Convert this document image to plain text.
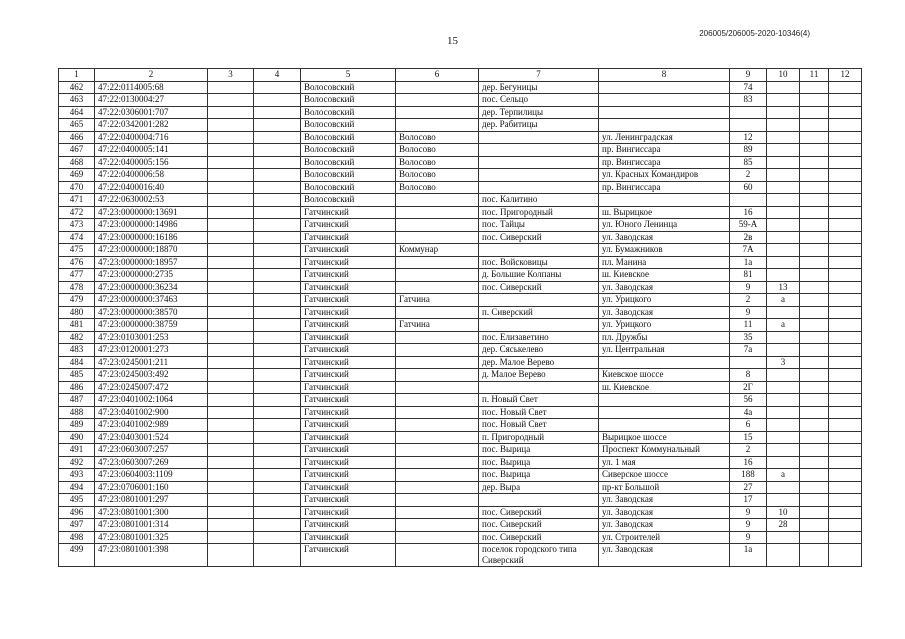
206005/206005-2020-10346(4)
15
1	2	3	4	5	6	7	8	9	10	11	12
462	47:22:0114005:68			Волосовский		дер. Бегуницы		74			
463	47:22:0130004:27			Волосовский		пос. Сельцо		83			
464	47:22:0306001:707			Волосовский		дер. Терпилицы					
465	47:22:0342001:282			Волосовский		дер. Рабитицы					
466	47:22:0400004:716			Волосовский	Волосово		ул. Ленинградская	12			
467	47:22:0400005:141			Волосовский	Волосово		пр. Вингиссара	89			
468	47:22:0400005:156			Волосовский	Волосово		пр. Вингиссара	85			
469	47:22:0400006:58			Волосовский	Волосово		ул. Красных Командиров	2			
470	47:22:0400016:40			Волосовский	Волосово		пр. Вингиссара	60			
471	47:22:0630002:53			Волосовский		пос. Калитино					
472	47:23:0000000:13691			Гатчинский		пос. Пригородный	ш. Вырицкое	16			
473	47:23:0000000:14986			Гатчинский		пос. Тайцы	ул. Юного Ленинца	59-А			
474	47:23:0000000:16186			Гатчинский		пос. Сиверский	ул. Заводская	2в			
475	47:23:0000000:18870			Гатчинский	Коммунар		ул. Бумажников	7А			
476	47:23:0000000:18957			Гатчинский		пос. Войсковицы	пл. Манина	1а			
477	47:23:0000000:2735			Гатчинский		д. Большие Колпаны	ш. Киевское	81			
478	47:23:0000000:36234			Гатчинский		пос. Сиверский	ул. Заводская	9	13		
479	47:23:0000000:37463			Гатчинский	Гатчина		ул. Урицкого	2	а		
480	47:23:0000000:38570			Гатчинский		п. Сиверский	ул. Заводская	9			
481	47:23:0000000:38759			Гатчинский	Гатчина		ул. Урицкого	11	а		
482	47:23:0103001:253			Гатчинский		пос. Елизаветино	пл. Дружбы	35			
483	47:23:0120001:273			Гатчинский		дер. Сяськелево	ул. Центральная	7а			
484	47:23:0245001:211			Гатчинский		дер. Малое Верево			3		
485	47:23:0245003:492			Гатчинский		д. Малое Верево	Киевское шоссе	8			
486	47:23:0245007:472			Гатчинский			ш. Киевское	2Г			
487	47:23:0401002:1064			Гатчинский		п. Новый Свет		56			
488	47:23:0401002:900			Гатчинский		пос. Новый Свет		4а			
489	47:23:0401002:989			Гатчинский		пос. Новый Свет		6			
490	47:23:0403001:524			Гатчинский		п. Пригородный	Вырицкое шоссе	15			
491	47:23:0603007:257			Гатчинский		пос. Вырица	Проспект Коммунальный	2			
492	47:23:0603007:269			Гатчинский		пос. Вырица	ул. 1 мая	16			
493	47:23:0604003:1109			Гатчинский		пос. Вырица	Сиверское шоссе	188	а		
494	47:23:0706001:160			Гатчинский		дер. Выра	пр-кт Большой	27			
495	47:23:0801001:297			Гатчинский			ул. Заводская	17			
496	47:23:0801001:300			Гатчинский		пос. Сиверский	ул. Заводская	9	10		
497	47:23:0801001:314			Гатчинский		пос. Сиверский	ул. Заводская	9	28		
498	47:23:0801001:325			Гатчинский		пос. Сиверский	ул. Строителей	9			
499	47:23:0801001:398			Гатчинский		поселок городского типа Сиверский	ул. Заводская	1а			
